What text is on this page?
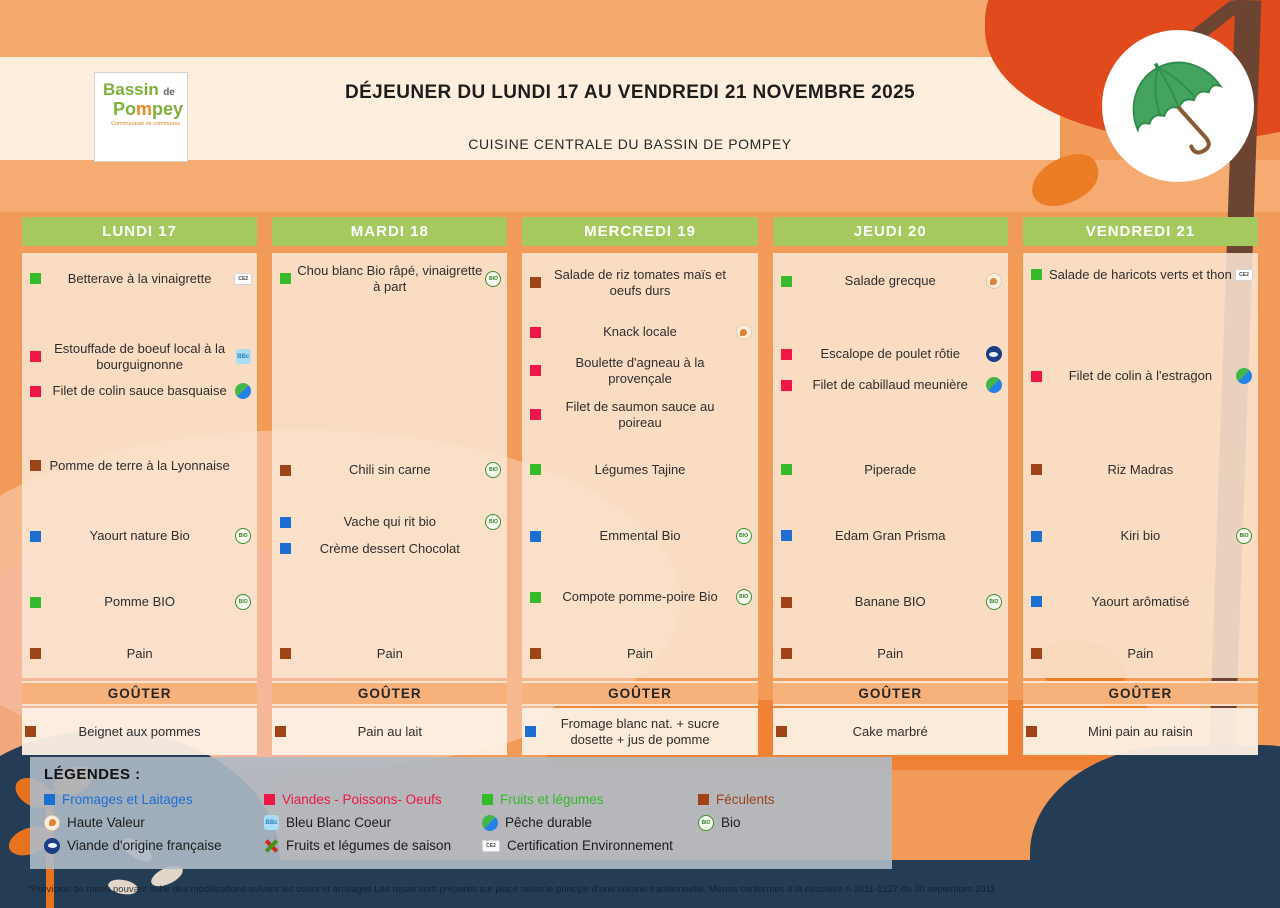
Bassin de
Pompey
Communauté de communes
DÉJEUNER DU LUNDI 17 AU VENDREDI 21 NOVEMBRE 2025
CUISINE CENTRALE DU BASSIN DE POMPEY
LUNDI 17
Betterave à la vinaigrette	CE2
Estouffade de boeuf local à la bourguignonne	BBc
Filet de colin sauce basquaise
Pomme de terre à la Lyonnaise
Yaourt nature Bio	BIO
Pomme BIO	BIO
Pain
GOÛTER
Beignet aux pommes
MARDI 18
Chou blanc Bio râpé, vinaigrette à part	BIO
Chili sin carne	BIO
Vache qui rit bio	BIO
Crème dessert Chocolat
Pain
GOÛTER
Pain au lait
MERCREDI 19
Salade de riz tomates maïs et oeufs durs
Knack locale
Boulette d'agneau à la provençale
Filet de saumon sauce au poireau
Légumes Tajine
Emmental Bio	BIO
Compote pomme-poire Bio	BIO
Pain
GOÛTER
Fromage blanc nat. + sucre dosette + jus de pomme
JEUDI 20
Salade grecque
Escalope de poulet rôtie
Filet de cabillaud meunière
Piperade
Edam Gran Prisma
Banane BIO	BIO
Pain
GOÛTER
Cake marbré
VENDREDI 21
Salade de haricots verts et thon	CE2
Filet de colin à l'estragon
Riz Madras
Kiri bio	BIO
Yaourt arômatisé
Pain
GOÛTER
Mini pain au raisin
LÉGENDES :
Fromages et Laitages	Viandes - Poissons- Oeufs	Fruits et légumes	Féculents
Haute Valeur	BBc Bleu Blanc Coeur	Pêche durable	BIO Bio
Viande d'origine française	Fruits et légumes de saison	CE2 Certification Environnement
*Prévision de menu pouvant subir des modifications suivant les cours et arrivages Les repas sont préparés sur place selon le principe d'une cuisine traditionnelle. Menus conformes à la circulaire n 2011-1227 du 30 septembre 2011
